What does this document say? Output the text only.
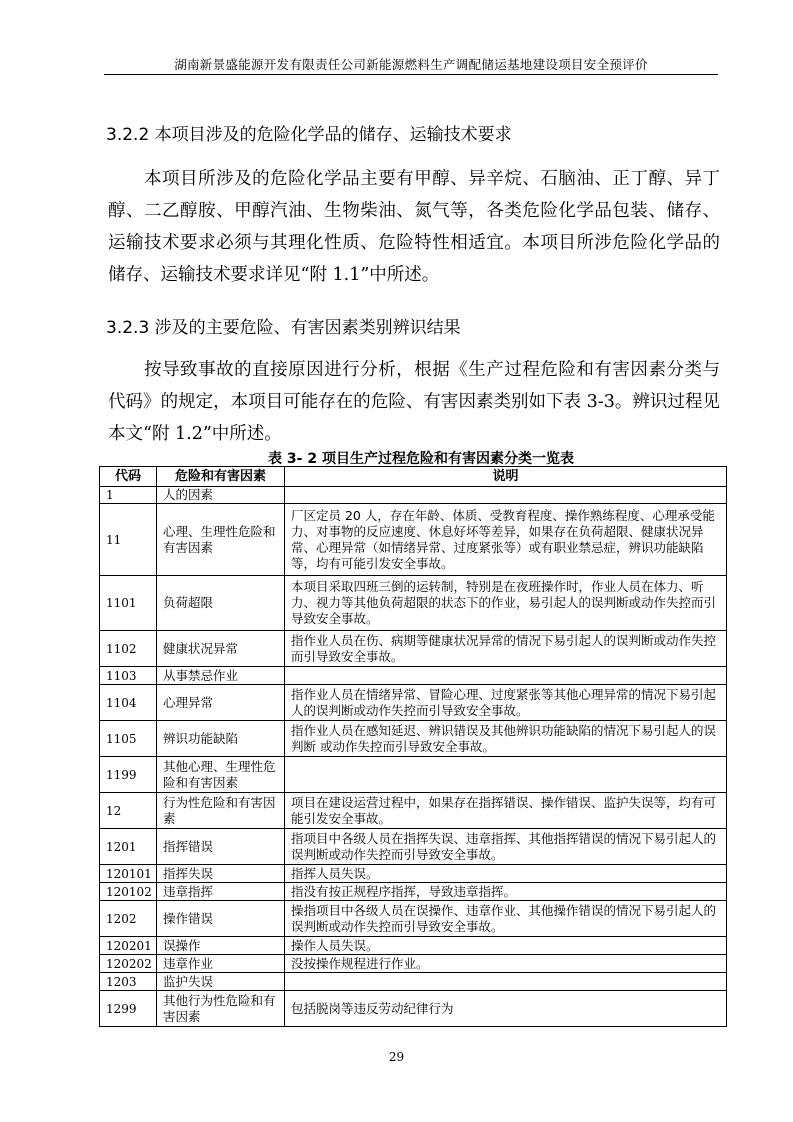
湖南新景盛能源开发有限责任公司新能源燃料生产调配储运基地建设项目安全预评价
3.2.2 本项目涉及的危险化学品的储存、运输技术要求
本项目所涉及的危险化学品主要有甲醇、异辛烷、石脑油、正丁醇、异丁醇、二乙醇胺、甲醇汽油、生物柴油、氮气等，各类危险化学品包装、储存、运输技术要求必须与其理化性质、危险特性相适宜。本项目所涉危险化学品的储存、运输技术要求详见“附 1.1”中所述。
3.2.3 涉及的主要危险、有害因素类别辨识结果
按导致事故的直接原因进行分析，根据《生产过程危险和有害因素分类与代码》的规定，本项目可能存在的危险、有害因素类别如下表 3-3。辨识过程见本文“附 1.2”中所述。
表 3- 2 项目生产过程危险和有害因素分类一览表
代码	危险和有害因素	说明
1	人的因素	
11	心理、生理性危险和有害因素	厂区定员 20 人，存在年龄、体质、受教育程度、操作熟练程度、心理承受能力、对事物的反应速度、休息好坏等差异，如果存在负荷超限、健康状况异常、心理异常（如情绪异常、过度紧张等）或有职业禁忌症，辨识功能缺陷等，均有可能引发安全事故。
1101	负荷超限	本项目采取四班三倒的运转制，特别是在夜班操作时，作业人员在体力、听力、视力等其他负荷超限的状态下的作业，易引起人的误判断或动作失控而引导致安全事故。
1102	健康状况异常	指作业人员在伤、病期等健康状况异常的情况下易引起人的误判断或动作失控而引导致安全事故。
1103	从事禁忌作业	
1104	心理异常	指作业人员在情绪异常、冒险心理、过度紧张等其他心理异常的情况下易引起人的误判断或动作失控而引导致安全事故。
1105	辨识功能缺陷	指作业人员在感知延迟、辨识错误及其他辨识功能缺陷的情况下易引起人的误判断 或动作失控而引导致安全事故。
1199	其他心理、生理性危险和有害因素	
12	行为性危险和有害因素	项目在建设运营过程中，如果存在指挥错误、操作错误、监护失误等，均有可能引发安全事故。
1201	指挥错误	指项目中各级人员在指挥失误、违章指挥、其他指挥错误的情况下易引起人的误判断或动作失控而引导致安全事故。
120101	指挥失误	指挥人员失误。
120102	违章指挥	指没有按正规程序指挥，导致违章指挥。
1202	操作错误	操指项目中各级人员在误操作、违章作业、其他操作错误的情况下易引起人的误判断或动作失控而引导致安全事故。
120201	误操作	操作人员失误。
120202	违章作业	没按操作规程进行作业。
1203	监护失误	
1299	其他行为性危险和有害因素	包括脱岗等违反劳动纪律行为
29
